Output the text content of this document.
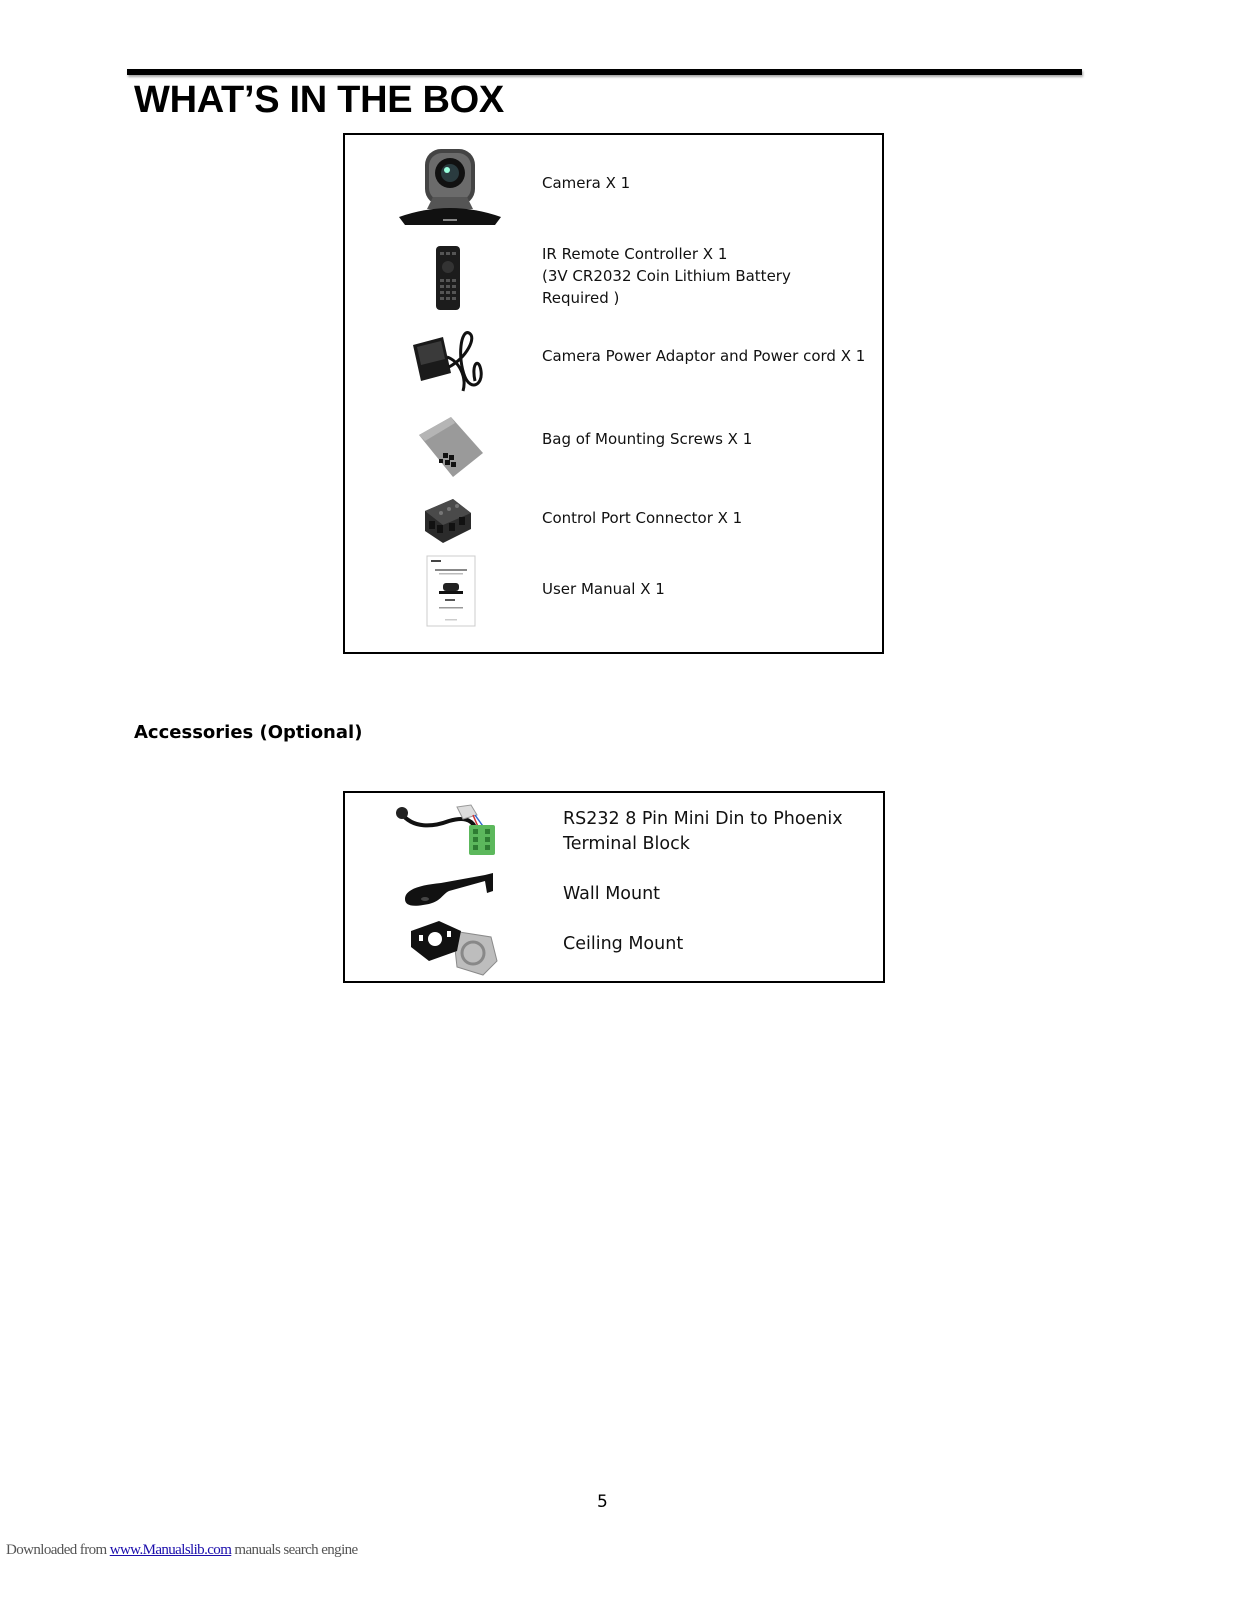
WHAT’S IN THE BOX

Camera X 1

IR Remote Controller X 1
(3V CR2032 Coin Lithium Battery
Required )

Camera Power Adaptor and Power cord X 1

Bag of Mounting Screws X 1

Control Port Connector X 1

User Manual X 1

Accessories (Optional)

RS232 8 Pin Mini Din to Phoenix
Terminal Block

Wall Mount

Ceiling Mount

5
Downloaded from www.Manualslib.com manuals search engine
